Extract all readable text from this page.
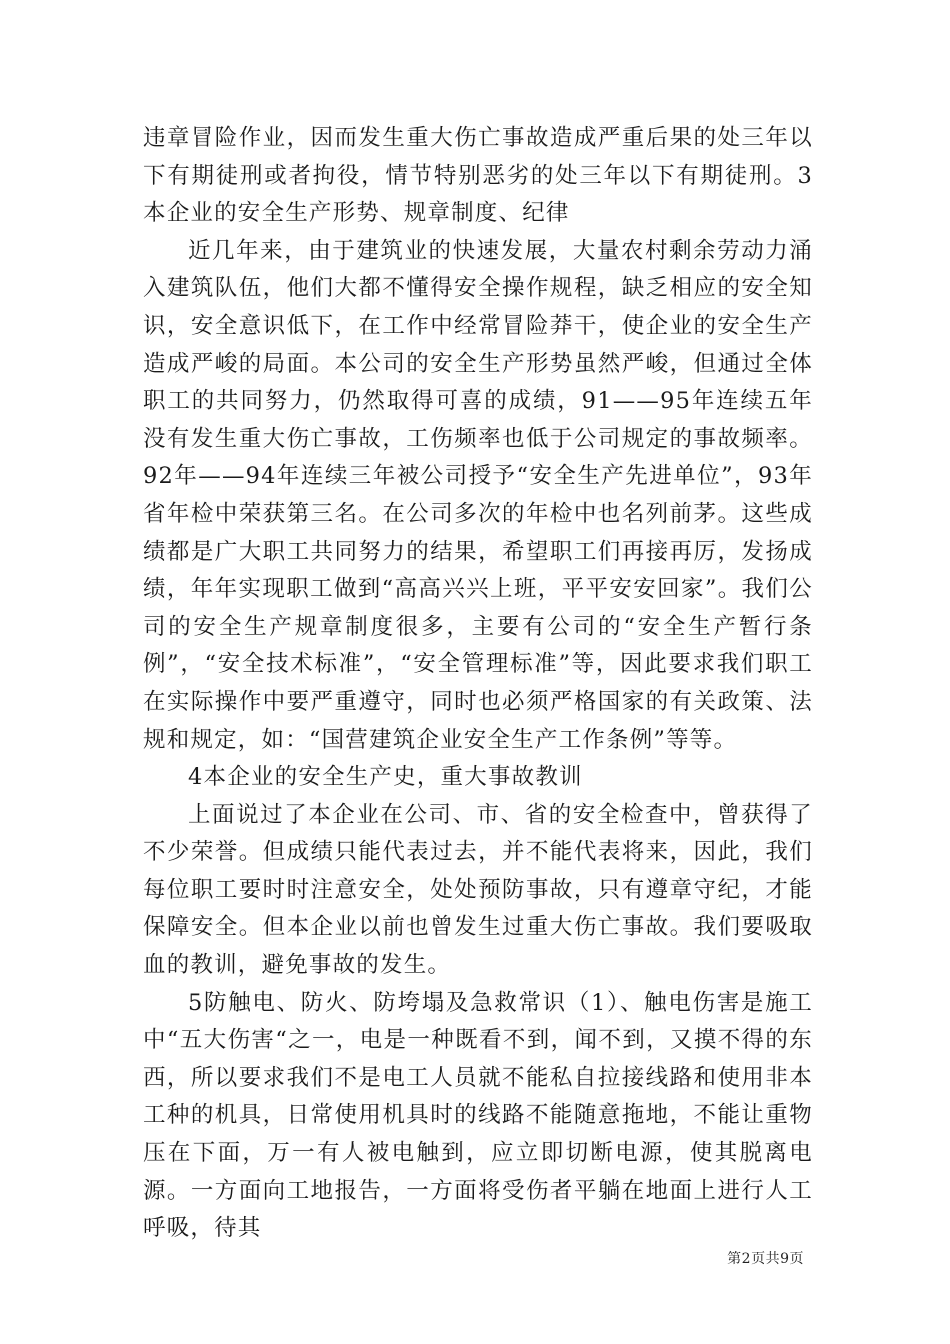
违章冒险作业，因而发生重大伤亡事故造成严重后果的处三年以下有期徒刑或者拘役，情节特别恶劣的处三年以下有期徒刑。3本企业的安全生产形势、规章制度、纪律

近几年来，由于建筑业的快速发展，大量农村剩余劳动力涌入建筑队伍，他们大都不懂得安全操作规程，缺乏相应的安全知识，安全意识低下，在工作中经常冒险莽干，使企业的安全生产造成严峻的局面。本公司的安全生产形势虽然严峻，但通过全体职工的共同努力，仍然取得可喜的成绩，91——95年连续五年没有发生重大伤亡事故，工伤频率也低于公司规定的事故频率。92年——94年连续三年被公司授予“安全生产先进单位”，93年省年检中荣获第三名。在公司多次的年检中也名列前茅。这些成绩都是广大职工共同努力的结果，希望职工们再接再厉，发扬成绩，年年实现职工做到“高高兴兴上班，平平安安回家”。我们公司的安全生产规章制度很多，主要有公司的“安全生产暂行条例”，“安全技术标准”，“安全管理标准”等，因此要求我们职工在实际操作中要严重遵守，同时也必须严格国家的有关政策、法规和规定，如：“国营建筑企业安全生产工作条例”等等。

4本企业的安全生产史，重大事故教训

上面说过了本企业在公司、市、省的安全检查中，曾获得了不少荣誉。但成绩只能代表过去，并不能代表将来，因此，我们每位职工要时时注意安全，处处预防事故，只有遵章守纪，才能保障安全。但本企业以前也曾发生过重大伤亡事故。我们要吸取血的教训，避免事故的发生。

5防触电、防火、防垮塌及急救常识（1）、触电伤害是施工中“五大伤害“之一，电是一种既看不到，闻不到，又摸不得的东西，所以要求我们不是电工人员就不能私自拉接线路和使用非本工种的机具，日常使用机具时的线路不能随意拖地，不能让重物压在下面，万一有人被电触到，应立即切断电源，使其脱离电源。一方面向工地报告，一方面将受伤者平躺在地面上进行人工呼吸，待其

第2页共9页
